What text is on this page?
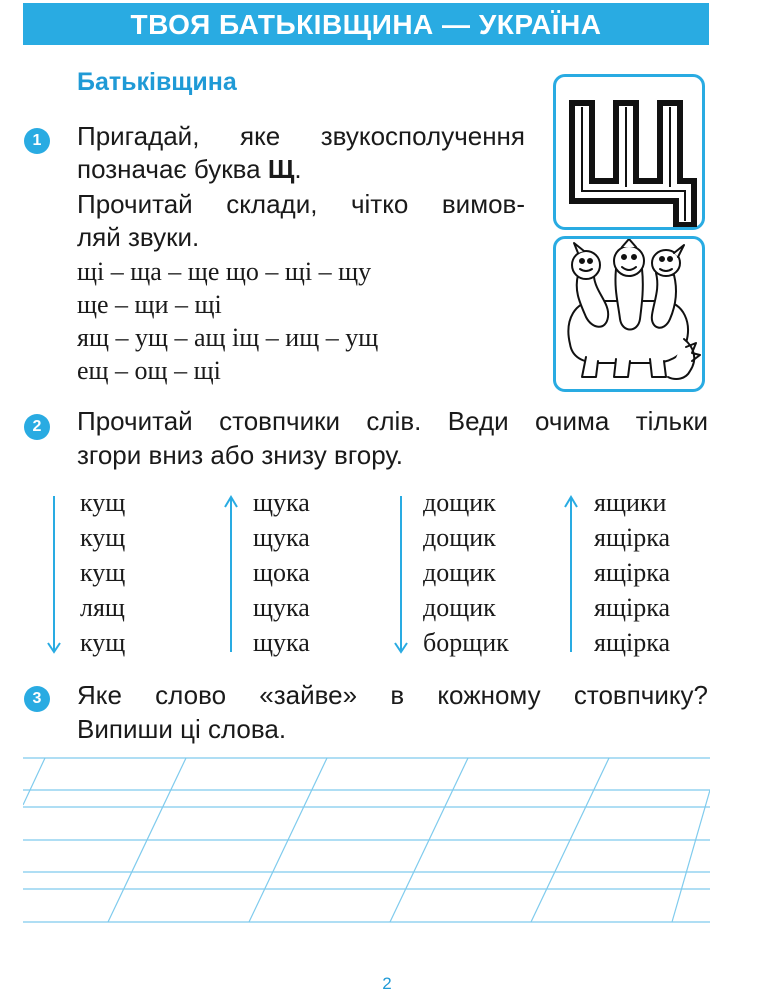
ТВОЯ БАТЬКІВЩИНА — УКРАЇНА
Батьківщина
1	Пригадай, яке звукосполучення
позначає буква Щ.
Прочитай склади, чітко вимов-
ляй звуки.
щі – ща – ще що – щі – щу
ще – щи – щі
ящ – ущ – ащ іщ – ищ – ущ
ещ – ощ – щі
2	Прочитай стовпчики слів. Веди очима тільки
згори вниз або знизу вгору.
кущ
кущ
кущ
лящ
кущ
щука
щука
щока
щука
щука
дощик
дощик
дощик
дощик
борщик
ящики
ящірка
ящірка
ящірка
ящірка
3	Яке слово «зайве» в кожному стовпчику?
Випиши ці слова.
2
